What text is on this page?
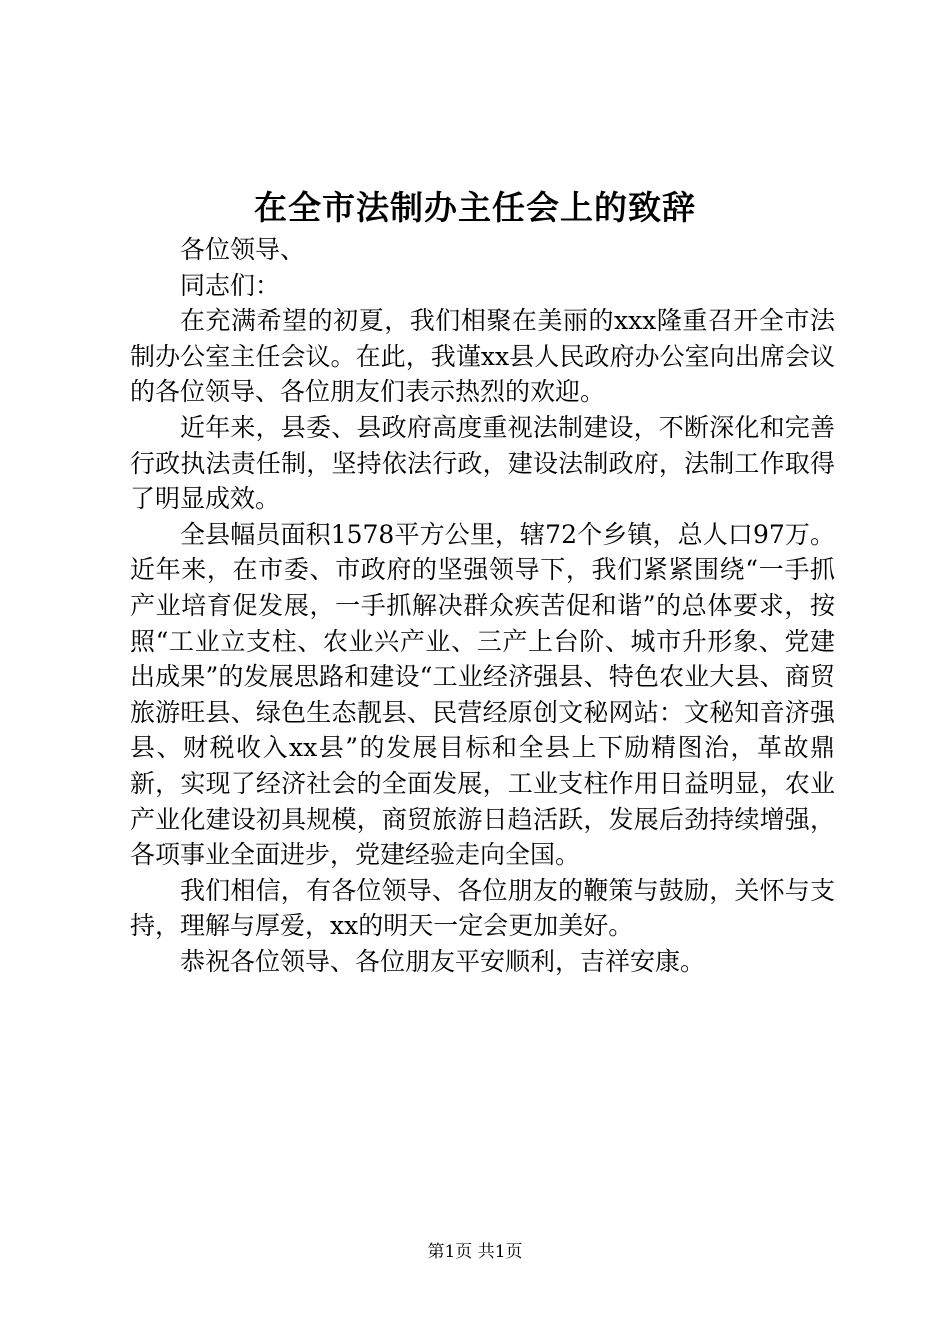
在全市法制办主任会上的致辞

各位领导、

同志们：

在充满希望的初夏，我们相聚在美丽的xxx隆重召开全市法制办公室主任会议。在此，我谨xx县人民政府办公室向出席会议的各位领导、各位朋友们表示热烈的欢迎。

近年来，县委、县政府高度重视法制建设，不断深化和完善行政执法责任制，坚持依法行政，建设法制政府，法制工作取得了明显成效。

全县幅员面积1578平方公里，辖72个乡镇，总人口97万。近年来，在市委、市政府的坚强领导下，我们紧紧围绕“一手抓产业培育促发展，一手抓解决群众疾苦促和谐”的总体要求，按照“工业立支柱、农业兴产业、三产上台阶、城市升形象、党建出成果”的发展思路和建设“工业经济强县、特色农业大县、商贸旅游旺县、绿色生态靓县、民营经原创文秘网站：文秘知音济强县、财税收入xx县”的发展目标和全县上下励精图治，革故鼎新，实现了经济社会的全面发展，工业支柱作用日益明显，农业产业化建设初具规模，商贸旅游日趋活跃，发展后劲持续增强，各项事业全面进步，党建经验走向全国。

我们相信，有各位领导、各位朋友的鞭策与鼓励，关怀与支持，理解与厚爱，xx的明天一定会更加美好。

恭祝各位领导、各位朋友平安顺利，吉祥安康。

第1页 共1页
